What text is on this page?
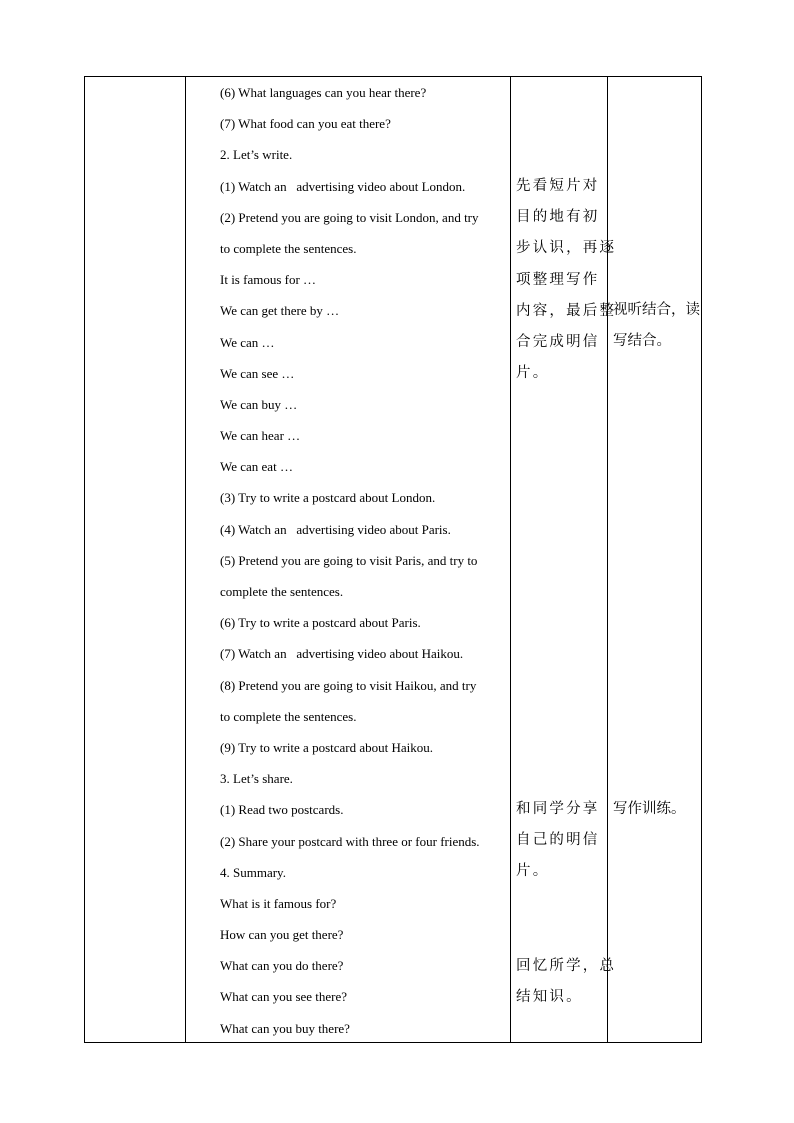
(6) What languages can you hear there?
(7) What food can you eat there?
2. Let’s write.
(1) Watch an   advertising video about London.
(2) Pretend you are going to visit London, and try
to complete the sentences.
It is famous for …
We can get there by …
We can …
We can see …
We can buy …
We can hear …
We can eat …
(3) Try to write a postcard about London.
(4) Watch an   advertising video about Paris.
(5) Pretend you are going to visit Paris, and try to
complete the sentences.
(6) Try to write a postcard about Paris.
(7) Watch an   advertising video about Haikou.
(8) Pretend you are going to visit Haikou, and try
to complete the sentences.
(9) Try to write a postcard about Haikou.
3. Let’s share.
(1) Read two postcards.
(2) Share your postcard with three or four friends.
4. Summary.
What is it famous for?
How can you get there?
What can you do there?
What can you see there?
What can you buy there?
先看短片对
目的地有初
步认识，再逐
项整理写作
内容，最后整
合完成明信
片。
和同学分享
自己的明信
片。
回忆所学，总
结知识。
视听结合，读
写结合。
写作训练。
